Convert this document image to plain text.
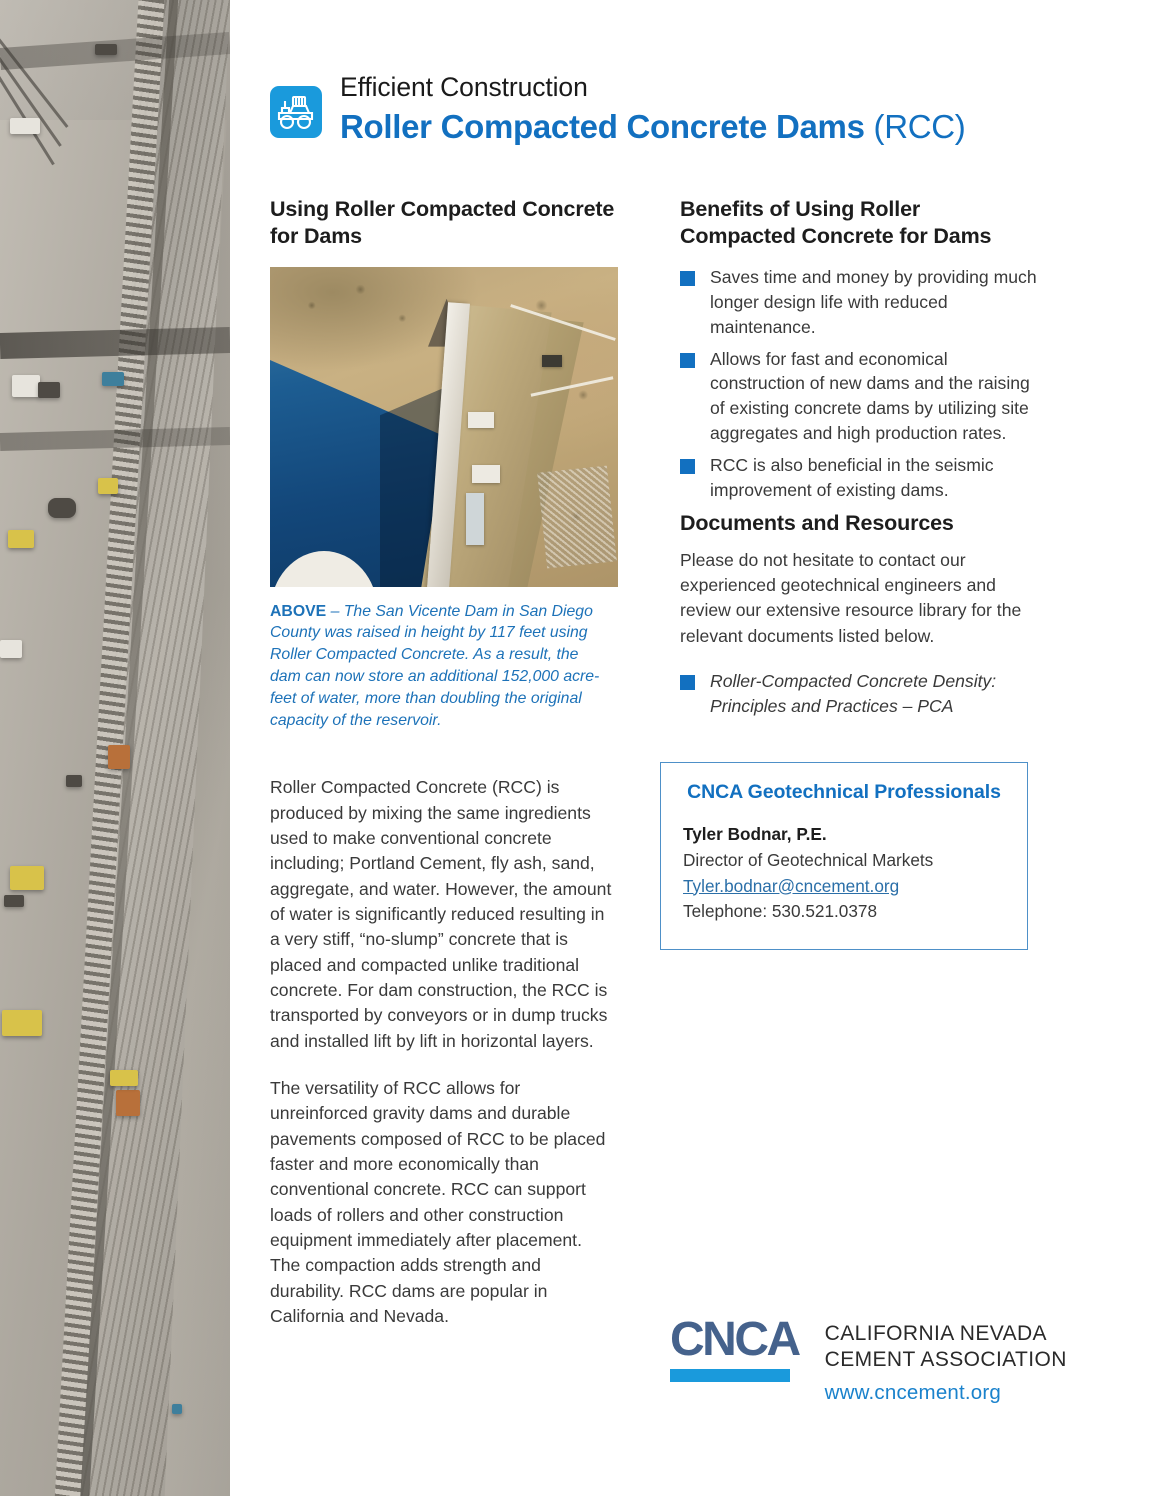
Efficient Construction
Roller Compacted Concrete Dams (RCC)
Using Roller Compacted Concrete for Dams
ABOVE – The San Vicente Dam in San Diego County was raised in height by 117 feet using Roller Compacted Concrete. As a result, the dam can now store an additional 152,000 acre-feet of water, more than doubling the original capacity of the reservoir.

Roller Compacted Concrete (RCC) is produced by mixing the same ingredients used to make conventional concrete including; Portland Cement, fly ash, sand, aggregate, and water. However, the amount of water is significantly reduced resulting in a very stiff, “no-slump” concrete that is placed and compacted unlike traditional concrete. For dam construction, the RCC is transported by conveyors or in dump trucks and installed lift by lift in horizontal layers.

The versatility of RCC allows for unreinforced gravity dams and durable pavements composed of RCC to be placed faster and more economically than conventional concrete. RCC can support loads of rollers and other construction equipment immediately after placement. The compaction adds strength and durability. RCC dams are popular in California and Nevada.

Benefits of Using Roller Compacted Concrete for Dams
Saves time and money by providing much longer design life with reduced maintenance.
Allows for fast and economical construction of new dams and the raising of existing concrete dams by utilizing site aggregates and high production rates.
RCC is also beneficial in the seismic improvement of existing dams.
Documents and Resources

Please do not hesitate to contact our experienced geotechnical engineers and review our extensive resource library for the relevant documents listed below.

Roller-Compacted Concrete Density: Principles and Practices – PCA
CNCA Geotechnical Professionals
Tyler Bodnar, P.E.
Director of Geotechnical Markets
Tyler.bodnar@cncement.org
Telephone: 530.521.0378
CNCA CALIFORNIA NEVADA
CEMENT ASSOCIATION
www.cncement.org
